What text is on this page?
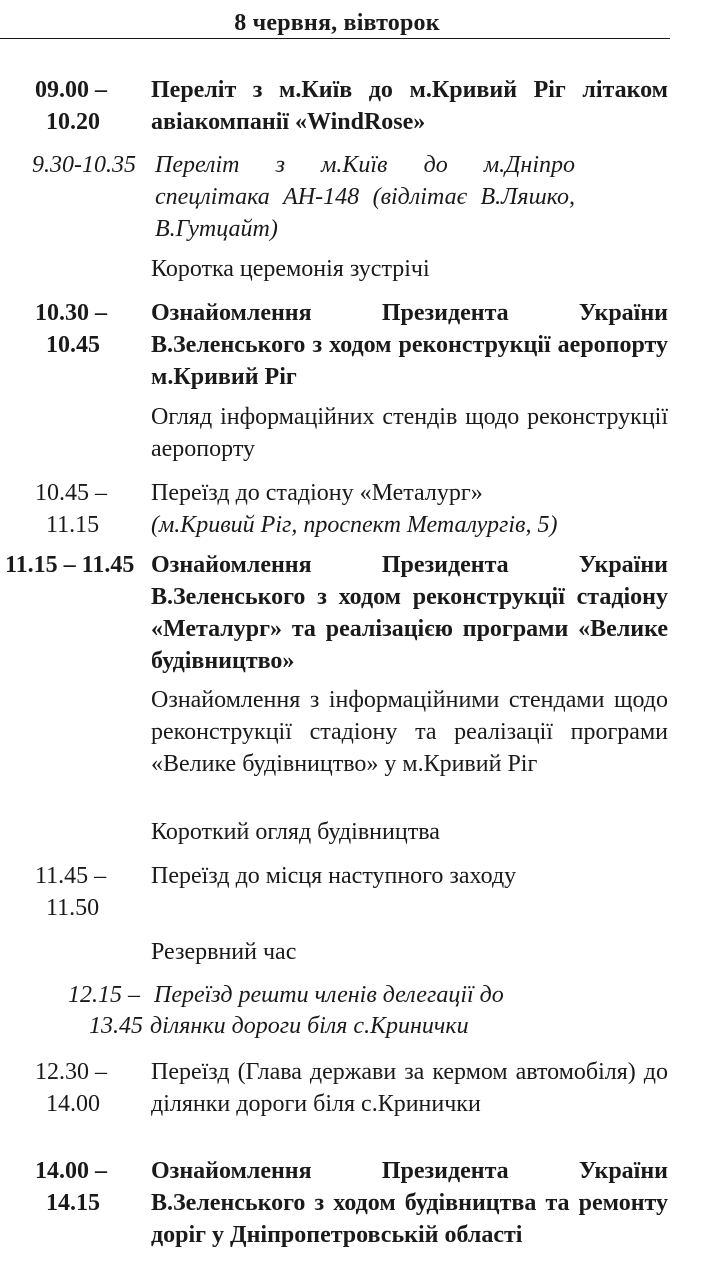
8 червня, вівторок
09.00 –
10.20
Переліт з м.Київ до м.Кривий Ріг літаком авіакомпанії «WindRose»
9.30-10.35 Переліт з м.Київ до м.Дніпро спецлітака АН-148 (відлітає В.Ляшко, В.Гутцайт)
Коротка церемонія зустрічі
10.30 –
10.45
Ознайомлення Президента України В.Зеленського з ходом реконструкції аеропорту м.Кривий Ріг
Огляд інформаційних стендів щодо реконструкції аеропорту
10.45 –
11.15
Переїзд до стадіону «Металург»
(м.Кривий Ріг, проспект Металургів, 5)
11.15 – 11.45 Ознайомлення Президента України В.Зеленського з ходом реконструкції стадіону «Металург» та реалізацією програми «Велике будівництво»
Ознайомлення з інформаційними стендами щодо реконструкції стадіону та реалізації програми «Велике будівництво» у м.Кривий Ріг
Короткий огляд будівництва
11.45 –
11.50
Переїзд до місця наступного заходу
Резервний час
12.15 – Переїзд решти членів делегації до
13.45 ділянки дороги біля с.Кринички
12.30 –
14.00
Переїзд (Глава держави за кермом автомобіля) до ділянки дороги біля с.Кринички
14.00 –
14.15
Ознайомлення Президента України В.Зеленського з ходом будівництва та ремонту доріг у Дніпропетровській області
